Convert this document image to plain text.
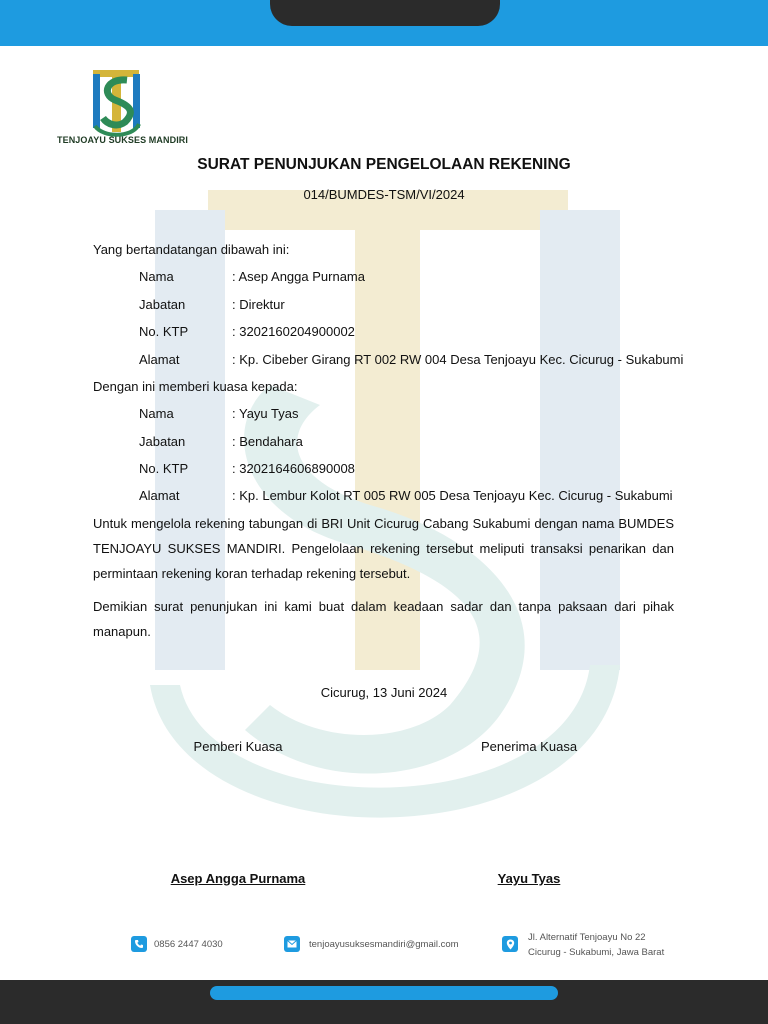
TENJOAYU SUKSES MANDIRI
SURAT PENUNJUKAN PENGELOLAAN REKENING
014/BUMDES-TSM/VI/2024
Yang bertandatangan dibawah ini:
Nama	: Asep Angga Purnama
Jabatan	: Direktur
No. KTP	: 3202160204900002
Alamat	: Kp. Cibeber Girang RT 002 RW 004 Desa Tenjoayu Kec. Cicurug - Sukabumi
Dengan ini memberi kuasa kepada:
Nama	: Yayu Tyas
Jabatan	: Bendahara
No. KTP	: 3202164606890008
Alamat	: Kp. Lembur Kolot RT 005 RW 005 Desa Tenjoayu Kec. Cicurug - Sukabumi
Untuk mengelola rekening tabungan di BRI Unit Cicurug Cabang Sukabumi dengan nama BUMDES TENJOAYU SUKSES MANDIRI. Pengelolaan rekening tersebut meliputi transaksi penarikan dan permintaan rekening koran terhadap rekening tersebut.
Demikian surat penunjukan ini kami buat dalam keadaan sadar dan tanpa paksaan dari pihak manapun.
Cicurug, 13 Juni 2024
Pemberi Kuasa	Penerima Kuasa
Asep Angga Purnama	Yayu Tyas
0856 2447 4030	tenjoayusuksesmandiri@gmail.com
Jl. Alternatif Tenjoayu No 22
Cicurug - Sukabumi, Jawa Barat
